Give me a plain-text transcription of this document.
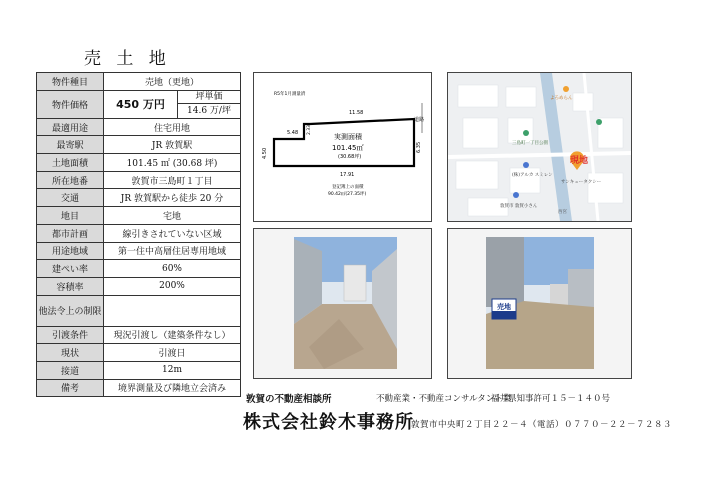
売 土 地
物件種目	売地（更地）	
物件価格	450 万円	坪単価
14.6 万/坪

最適用途	住宅用地	
最寄駅	JR 敦賀駅	
土地面積	101.45 ㎡ (30.68 坪)	
所在地番	敦賀市三島町１丁目	
交通	JR 敦賀駅から徒歩 20 分	
地目	宅地	
都市計画	線引きされていない区域	
用途地域	第一住中高層住居専用地域	
建ぺい率	60%	
容積率	200%	
他法令上の制限		
引渡条件	現況引渡し（建築条件なし）	
現状	引渡日	
接道	12m	
備考	境界測量及び隣地立会済み	
R5年1月測量済
道路
11.58
5.48 2.33
4.50
6.35
17.91
実測面積
101.45㎡
(30.68坪)
登記簿上の面積
90.42㎡(27.35坪)
よろめらん
三島町一丁目公園
(株)アルカ スミレン
現地
サンキュータクシー
敦賀市 敦賀小さん
西宮
売地
敦賀の不動産相談所	不動産業・不動産コンサルタント業
福井県知事許可１５－１４０号
株式会社鈴木事務所
敦賀市中央町２丁目２２－４（電話）０７７０－２２－７２８３
